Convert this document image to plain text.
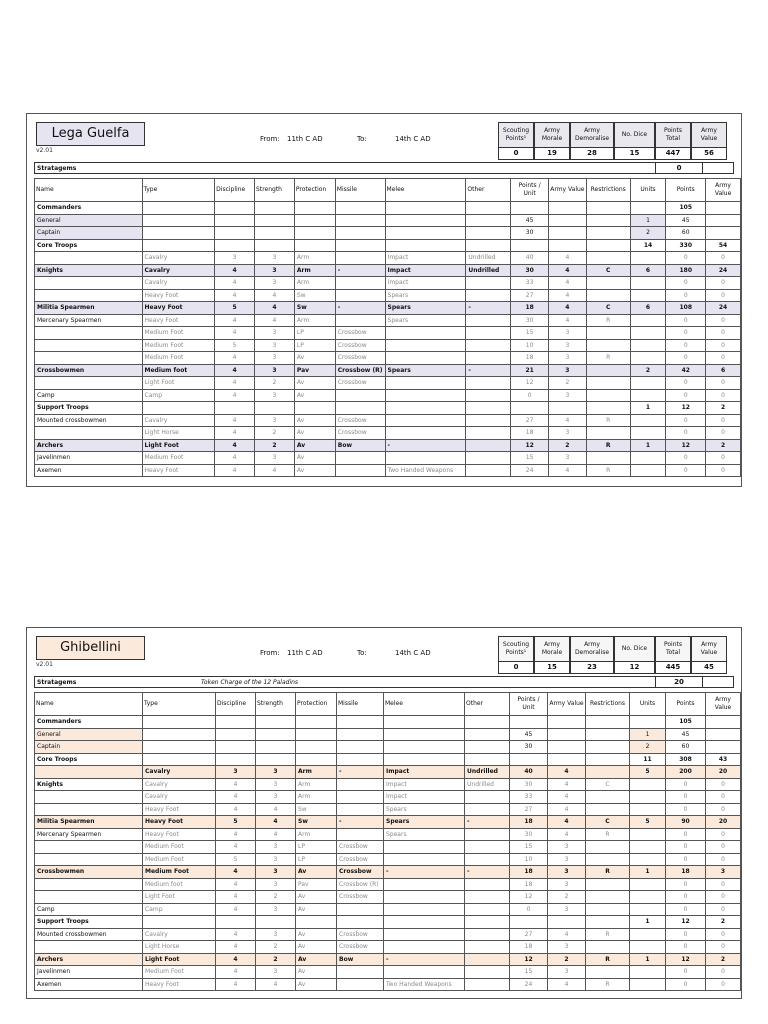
Lega Guelfa
v2.01
From: 11th C AD	To:	14th C AD
Scouting Points¹
0
Army Morale
19
Army Demoralise
28
No. Dice
15
Points Total
447
Army Value
56
Stratagems	0
Name	Type	Discipline	Strength	Protection	Missile	Melee	Other	Points / Unit	Army Value	Restrictions	Units	Points	Army Value
Commanders												105	
General								45			1	45	
Captain								30			2	60	
Core Troops											14	330	54
	Cavalry	3	3	Arm		Impact	Undrilled	40	4			0	0
Knights	Cavalry	4	3	Arm	-	Impact	Undrilled	30	4	C	6	180	24
	Cavalry	4	3	Arm		Impact		33	4			0	0
	Heavy Foot	4	4	Sw		Spears		27	4			0	0
Militia Spearmen	Heavy Foot	5	4	Sw	-	Spears	-	18	4	C	6	108	24
Mercenary Spearmen	Heavy Foot	4	4	Arm		Spears		30	4	R		0	0
	Medium Foot	4	3	LP	Crossbow			15	3			0	0
	Medium Foot	5	3	LP	Crossbow			10	3			0	0
	Medium Foot	4	3	Av	Crossbow			18	3	R		0	0
Crossbowmen	Medium foot	4	3	Pav	Crossbow (R)	Spears	-	21	3		2	42	6
	Light Foot	4	2	Av	Crossbow			12	2			0	0
Camp	Camp	4	3	Av				0	3			0	0
Support Troops											1	12	2
Mounted crossbowmen	Cavalry	4	3	Av	Crossbow			27	4	R		0	0
	Light Horse	4	2	Av	Crossbow			18	3			0	0
Archers	Light Foot	4	2	Av	Bow	-		12	2	R	1	12	2
Javelinmen	Medium Foot	4	3	Av				15	3			0	0
Axemen	Heavy Foot	4	4	Av		Two Handed Weapons		24	4	R		0	0
Ghibellini
v2.01
From: 11th C AD	To:	14th C AD
Scouting Points¹
0
Army Morale
15
Army Demoralise
23
No. Dice
12
Points Total
445
Army Value
45
Stratagems	Token Charge of the 12 Paladins	20
Name	Type	Discipline	Strength	Protection	Missile	Melee	Other	Points / Unit	Army Value	Restrictions	Units	Points	Army Value
Commanders												105	
General								45			1	45	
Captain								30			2	60	
Core Troops											11	308	43
	Cavalry	3	3	Arm	-	Impact	Undrilled	40	4		5	200	20
Knights	Cavalry	4	3	Arm		Impact	Undrilled	30	4	C		0	0
	Cavalry	4	3	Arm		Impact		33	4			0	0
	Heavy Foot	4	4	Sw		Spears		27	4			0	0
Militia Spearmen	Heavy Foot	5	4	Sw	-	Spears	-	18	4	C	5	90	20
Mercenary Spearmen	Heavy Foot	4	4	Arm		Spears		30	4	R		0	0
	Medium Foot	4	3	LP	Crossbow			15	3			0	0
	Medium Foot	5	3	LP	Crossbow			10	3			0	0
Crossbowmen	Medium Foot	4	3	Av	Crossbow	-	-	18	3	R	1	18	3
	Medium foot	4	3	Pav	Crossbow (R)			18	3			0	0
	Light Foot	4	2	Av	Crossbow			12	2			0	0
Camp	Camp	4	3	Av				0	3			0	0
Support Troops											1	12	2
Mounted crossbowmen	Cavalry	4	3	Av	Crossbow			27	4	R		0	0
	Light Horse	4	2	Av	Crossbow			18	3			0	0
Archers	Light Foot	4	2	Av	Bow	-		12	2	R	1	12	2
Javelinmen	Medium Foot	4	3	Av				15	3			0	0
Axemen	Heavy Foot	4	4	Av		Two Handed Weapons		24	4	R		0	0
